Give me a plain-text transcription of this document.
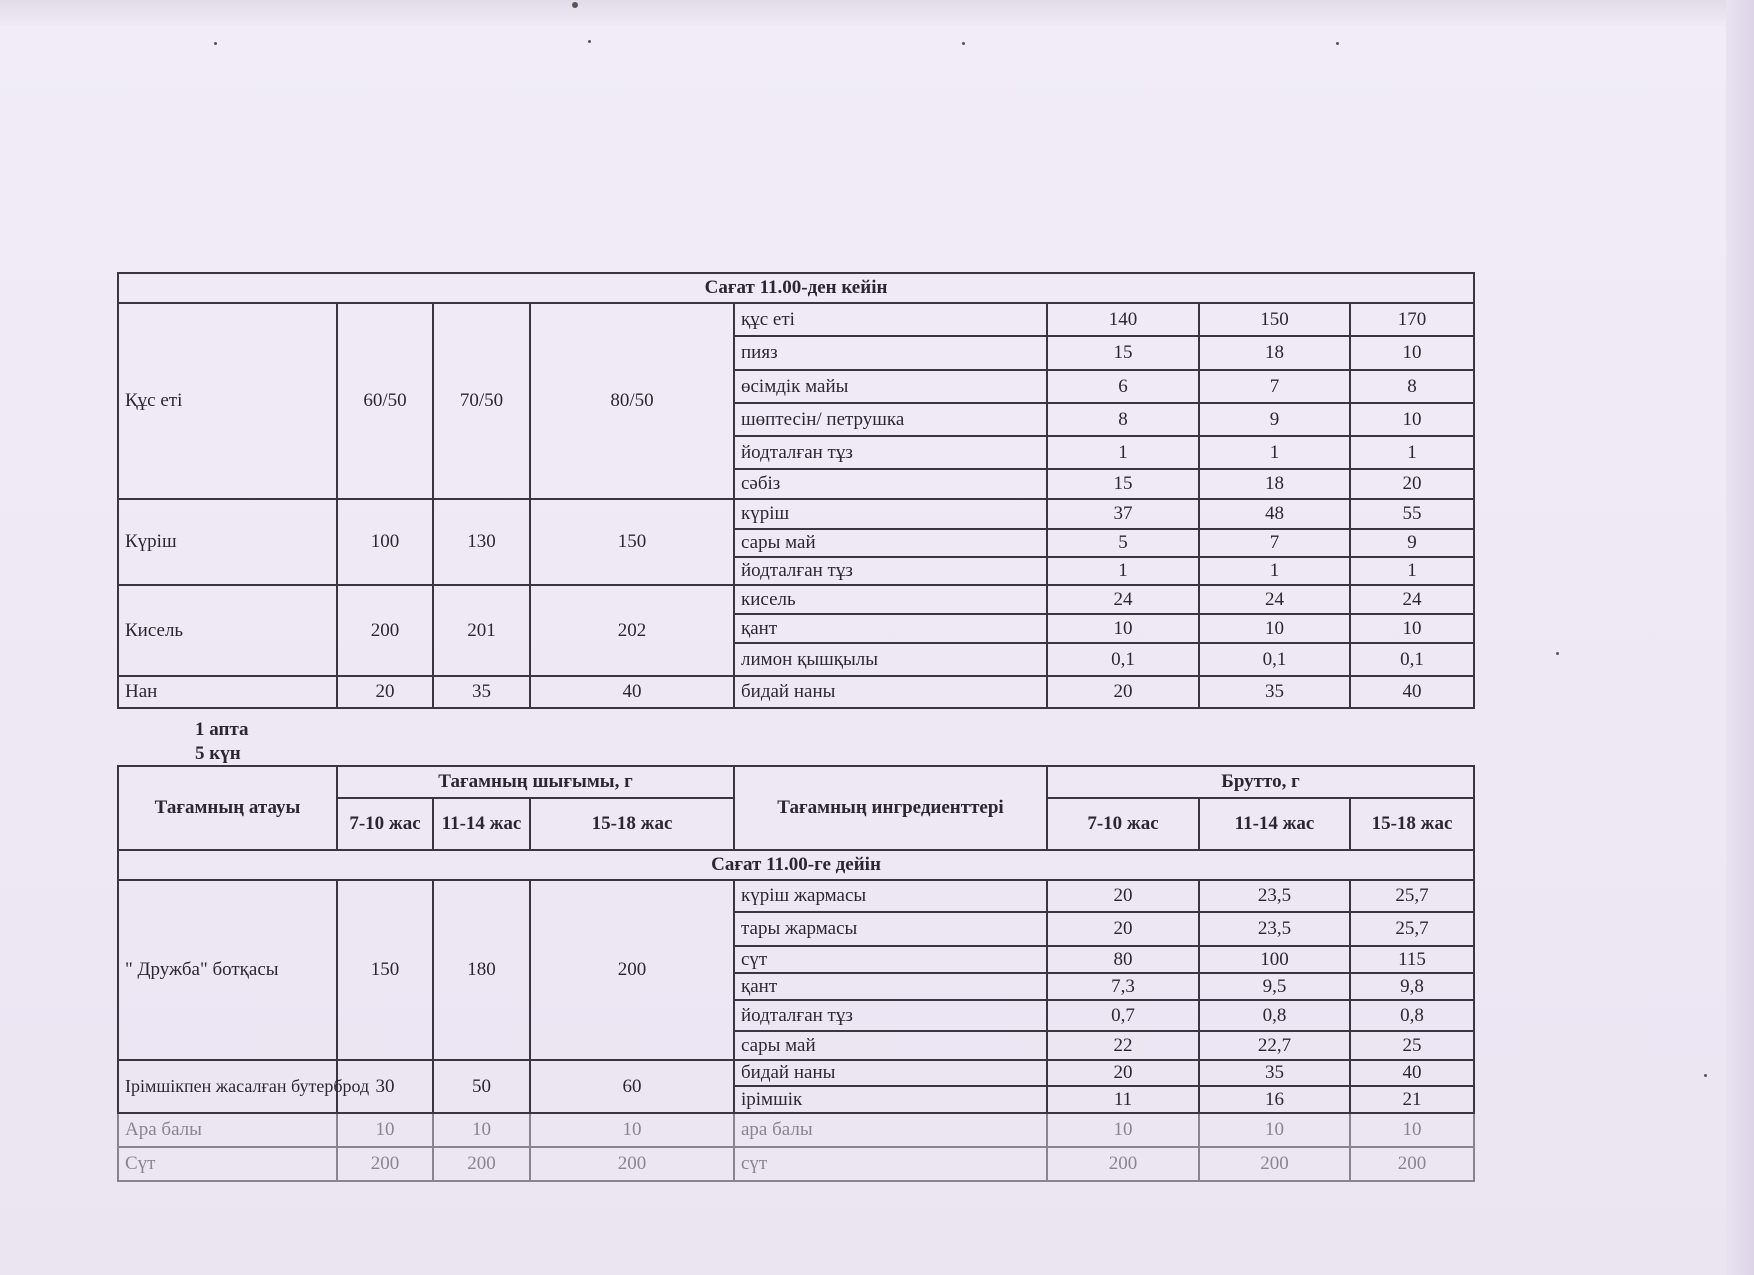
Сағат 11.00-ден кейін							
Құс еті	60/50	70/50	80/50	құс еті	140	150	170
				пияз	15	18	10
				өсімдік майы	6	7	8
				шөптесін/ петрушка	8	9	10
				йодталған тұз	1	1	1
				сәбіз	15	18	20
Күріш	100	130	150	күріш	37	48	55
				сары май	5	7	9
				йодталған тұз	1	1	1
Кисель	200	201	202	кисель	24	24	24
				қант	10	10	10
				лимон қышқылы	0,1	0,1	0,1
Нан	20	35	40	бидай наны	20	35	40
1 апта
5 күн
Тағамның атауы	Тағамның шығымы, г			Тағамның ингредиенттері	Брутто, г		
	7-10 жас	11-14 жас	15-18 жас		7-10 жас	11-14 жас	15-18 жас
Сағат 11.00-ге дейін							
" Дружба" ботқасы	150	180	200	күріш жармасы	20	23,5	25,7
				тары жармасы	20	23,5	25,7
				сүт	80	100	115
				қант	7,3	9,5	9,8
				йодталған тұз	0,7	0,8	0,8
				сары май	22	22,7	25
Ірімшікпен жасалған бутерброд	30	50	60	бидай наны	20	35	40
				ірімшік	11	16	21
Ара балы	10	10	10	ара балы	10	10	10
Сүт	200	200	200	сүт	200	200	200
